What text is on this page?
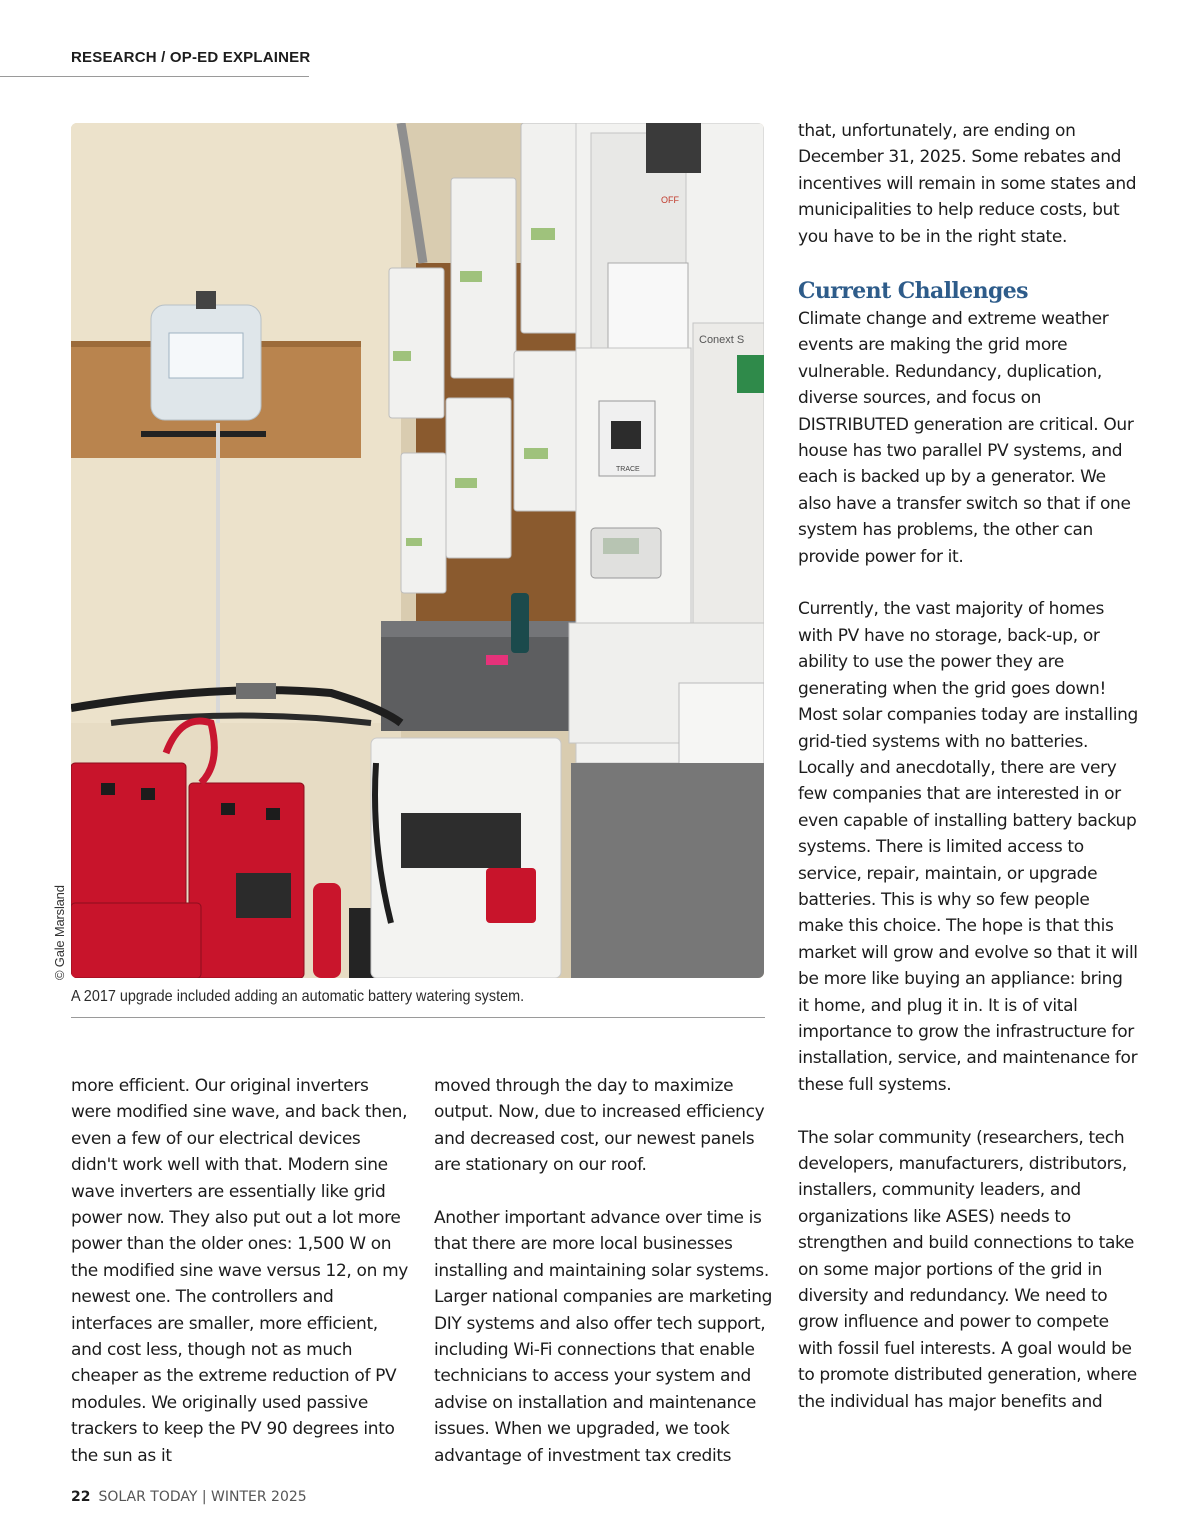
RESEARCH / OP-ED EXPLAINER
Conext S
TRACE
OFF
© Gale Marsland
A 2017 upgrade included adding an automatic battery watering system.

more efficient. Our original inverters were modified sine wave, and back then, even a few of our electrical devices didn't work well with that. Modern sine wave inverters are essentially like grid power now. They also put out a lot more power than the older ones: 1,500 W on the modified sine wave versus 12, on my newest one. The controllers and interfaces are smaller, more efficient, and cost less, though not as much cheaper as the extreme reduction of PV modules. We originally used passive trackers to keep the PV 90 degrees into the sun as it

moved through the day to maximize output. Now, due to increased efficiency and decreased cost, our newest panels are stationary on our roof.

Another important advance over time is that there are more local businesses installing and maintaining solar systems. Larger national companies are marketing DIY systems and also offer tech support, including Wi-Fi connections that enable technicians to access your system and advise on installation and maintenance issues. When we upgraded, we took advantage of investment tax credits

that, unfortunately, are ending on December 31, 2025. Some rebates and incentives will remain in some states and municipalities to help reduce costs, but you have to be in the right state.

Current Challenges

Climate change and extreme weather events are making the grid more vulnerable. Redundancy, duplication, diverse sources, and focus on DISTRIBUTED generation are critical. Our house has two parallel PV systems, and each is backed up by a generator. We also have a transfer switch so that if one system has problems, the other can provide power for it.

Currently, the vast majority of homes with PV have no storage, back-up, or ability to use the power they are generating when the grid goes down! Most solar companies today are installing grid-tied systems with no batteries. Locally and anecdotally, there are very few companies that are interested in or even capable of installing battery backup systems. There is limited access to service, repair, maintain, or upgrade batteries. This is why so few people make this choice. The hope is that this market will grow and evolve so that it will be more like buying an appliance: bring it home, and plug it in. It is of vital importance to grow the infrastructure for installation, service, and maintenance for these full systems.

The solar community (researchers, tech developers, manufacturers, distributors, installers, community leaders, and organizations like ASES) needs to strengthen and build connections to take on some major portions of the grid in diversity and redundancy. We need to grow influence and power to compete with fossil fuel interests. A goal would be to promote distributed generation, where the individual has major benefits and

22 SOLAR TODAY | WINTER 2025
